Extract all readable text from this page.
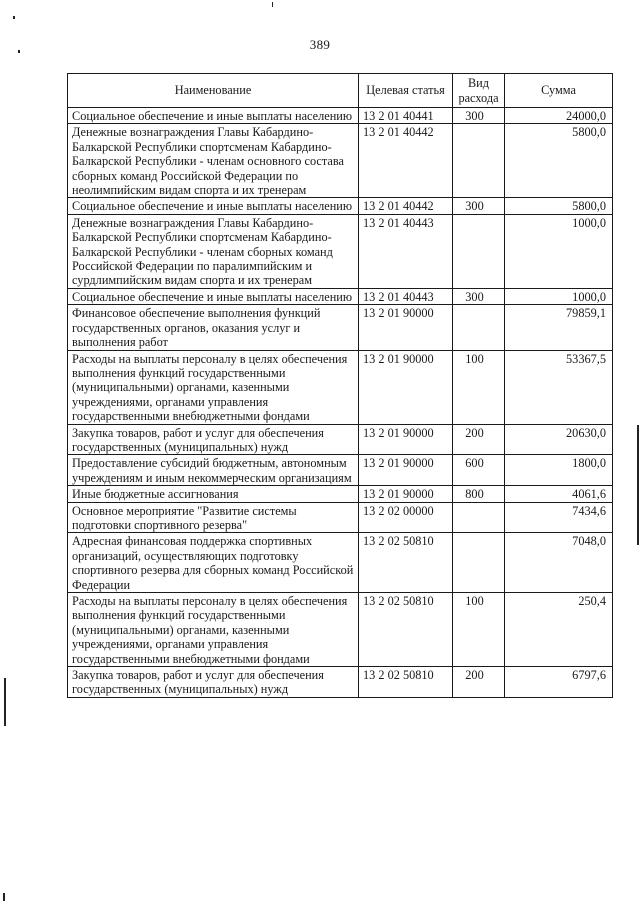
389
Наименование	Целевая статья	Вид расхода	Сумма
Социальное обеспечение и иные выплаты населению	13 2 01 40441	300	24000,0
Денежные вознаграждения Главы Кабардино-Балкарской Республики спортсменам Кабардино-Балкарской Республики - членам основного состава сборных команд Российской Федерации по неолимпийским видам спорта и их тренерам	13 2 01 40442		5800,0
Социальное обеспечение и иные выплаты населению	13 2 01 40442	300	5800,0
Денежные вознаграждения Главы Кабардино-Балкарской Республики спортсменам Кабардино-Балкарской Республики - членам сборных команд Российской Федерации по паралимпийским и сурдлимпийским видам спорта и их тренерам	13 2 01 40443		1000,0
Социальное обеспечение и иные выплаты населению	13 2 01 40443	300	1000,0
Финансовое обеспечение выполнения функций государственных органов, оказания услуг и выполнения работ	13 2 01 90000		79859,1
Расходы на выплаты персоналу в целях обеспечения выполнения функций государственными (муниципальными) органами, казенными учреждениями, органами управления государственными внебюджетными фондами	13 2 01 90000	100	53367,5
Закупка товаров, работ и услуг для обеспечения государственных (муниципальных) нужд	13 2 01 90000	200	20630,0
Предоставление субсидий бюджетным, автономным учреждениям и иным некоммерческим организациям	13 2 01 90000	600	1800,0
Иные бюджетные ассигнования	13 2 01 90000	800	4061,6
Основное мероприятие "Развитие системы подготовки спортивного резерва"	13 2 02 00000		7434,6
Адресная финансовая поддержка спортивных организаций, осуществляющих подготовку спортивного резерва для сборных команд Российской Федерации	13 2 02 50810		7048,0
Расходы на выплаты персоналу в целях обеспечения выполнения функций государственными (муниципальными) органами, казенными учреждениями, органами управления государственными внебюджетными фондами	13 2 02 50810	100	250,4
Закупка товаров, работ и услуг для обеспечения государственных (муниципальных) нужд	13 2 02 50810	200	6797,6
